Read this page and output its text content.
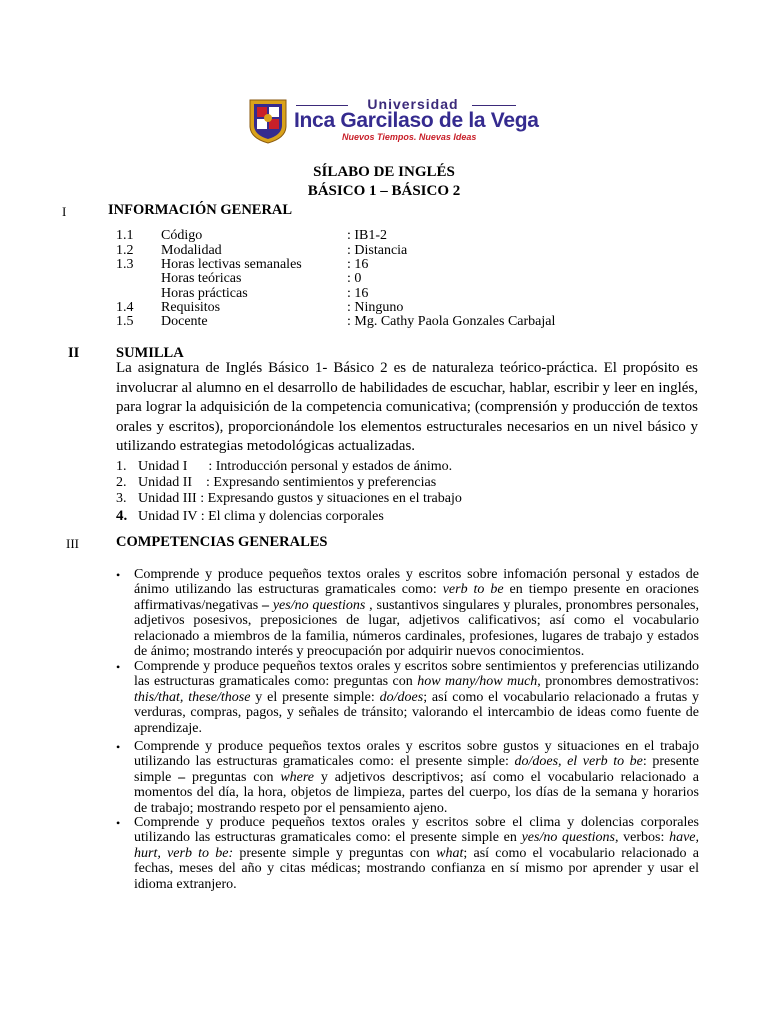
Universidad
Inca Garcilaso de la Vega
Nuevos Tiempos. Nuevas Ideas
SÍLABO DE INGLÉS
BÁSICO 1 – BÁSICO 2
I	INFORMACIÓN GENERAL
1.1 Código	: IB1-2
1.2 Modalidad	: Distancia
1.3 Horas lectivas semanales	: 16
Horas teóricas	: 0
Horas prácticas	: 16
1.4 Requisitos	: Ninguno
1.5 Docente	: Mg. Cathy Paola Gonzales Carbajal
II	SUMILLA
La asignatura de Inglés Básico 1- Básico 2 es de naturaleza teórico-práctica. El propósito es involucrar al alumno en el desarrollo de habilidades de escuchar, hablar, escribir y leer en inglés, para lograr la adquisición de la competencia comunicativa; (comprensión y producción de textos orales y escritos), proporcionándole los elementos estructurales necesarios en un nivel básico y utilizando estrategias metodológicas actualizadas.
1. Unidad I      : Introducción personal y estados de ánimo.
2. Unidad II    : Expresando sentimientos y preferencias
3. Unidad III : Expresando gustos y situaciones en el trabajo
4. Unidad IV : El clima y dolencias corporales
III	COMPETENCIAS GENERALES
• Comprende y produce pequeños textos orales y escritos sobre infomación personal y estados de ánimo utilizando las estructuras gramaticales como: verb to be en tiempo presente en oraciones affirmativas/negativas – yes/no questions , sustantivos singulares y plurales, pronombres personales, adjetivos posesivos, preposiciones de lugar, adjetivos calificativos; así como el vocabulario relacionado a miembros de la familia, números cardinales, profesiones, lugares de trabajo y estados de ánimo; mostrando interés y preocupación por adquirir nuevos conocimientos.
• Comprende y produce pequeños textos orales y escritos sobre sentimientos y preferencias utilizando las estructuras gramaticales como: preguntas con how many/how much, pronombres demostrativos: this/that, these/those y el presente simple: do/does; así como el vocabulario relacionado a frutas y verduras, compras, pagos, y señales de tránsito; valorando el intercambio de ideas como fuente de aprendizaje.
• Comprende y produce pequeños textos orales y escritos sobre gustos y situaciones en el trabajo utilizando las estructuras gramaticales como: el presente simple: do/does, el verb to be: presente simple – preguntas con where y adjetivos descriptivos; así como el vocabulario relacionado a momentos del día, la hora, objetos de limpieza, partes del cuerpo, los días de la semana y horarios de trabajo; mostrando respeto por el pensamiento ajeno.
• Comprende y produce pequeños textos orales y escritos sobre el clima y dolencias corporales utilizando las estructuras gramaticales como: el presente simple en yes/no questions, verbos: have, hurt, verb to be: presente simple y preguntas con what; así como el vocabulario relacionado a fechas, meses del año y citas médicas; mostrando confianza en sí mismo por aprender y usar el idioma extranjero.
